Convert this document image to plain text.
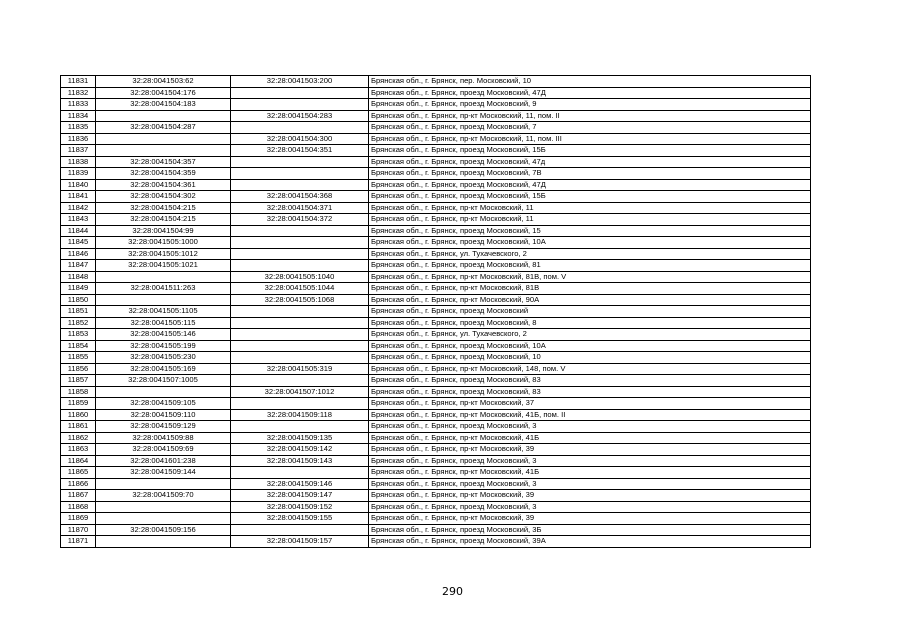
11831	32:28:0041503:62	32:28:0041503:200	Брянская обл., г. Брянск, пер. Московский, 10
11832	32:28:0041504:176		Брянская обл., г. Брянск, проезд Московский, 47Д
11833	32:28:0041504:183		Брянская обл., г. Брянск, проезд Московский, 9
11834		32:28:0041504:283	Брянская обл., г. Брянск, пр-кт Московский, 11, пом. II
11835	32:28:0041504:287		Брянская обл., г. Брянск, проезд Московский, 7
11836		32:28:0041504:300	Брянская обл., г. Брянск, пр-кт Московский, 11, пом. III
11837		32:28:0041504:351	Брянская обл., г. Брянск, проезд Московский, 15Б
11838	32:28:0041504:357		Брянская обл., г. Брянск, проезд Московский, 47д
11839	32:28:0041504:359		Брянская обл., г. Брянск, проезд Московский, 7В
11840	32:28:0041504:361		Брянская обл., г. Брянск, проезд Московский, 47Д
11841	32:28:0041504:302	32:28:0041504:368	Брянская обл., г. Брянск, проезд Московский, 15Б
11842	32:28:0041504:215	32:28:0041504:371	Брянская обл., г. Брянск, пр-кт Московский, 11
11843	32:28:0041504:215	32:28:0041504:372	Брянская обл., г. Брянск, пр-кт Московский, 11
11844	32:28:0041504:99		Брянская обл., г. Брянск, проезд Московский, 15
11845	32:28:0041505:1000		Брянская обл., г. Брянск, проезд Московский, 10А
11846	32:28:0041505:1012		Брянская обл., г. Брянск, ул. Тухачевского, 2
11847	32:28:0041505:1021		Брянская обл., г. Брянск, проезд Московский, 81
11848		32:28:0041505:1040	Брянская обл., г. Брянск, пр-кт Московский, 81В, пом. V
11849	32:28:0041511:263	32:28:0041505:1044	Брянская обл., г. Брянск, пр-кт Московский, 81В
11850		32:28:0041505:1068	Брянская обл., г. Брянск, пр-кт Московский, 90А
11851	32:28:0041505:1105		Брянская обл., г. Брянск, проезд Московский
11852	32:28:0041505:115		Брянская обл., г. Брянск, проезд Московский, 8
11853	32:28:0041505:146		Брянская обл., г. Брянск, ул. Тухачевского, 2
11854	32:28:0041505:199		Брянская обл., г. Брянск, проезд Московский, 10А
11855	32:28:0041505:230		Брянская обл., г. Брянск, проезд Московский, 10
11856	32:28:0041505:169	32:28:0041505:319	Брянская обл., г. Брянск, пр-кт Московский, 148, пом. V
11857	32:28:0041507:1005		Брянская обл., г. Брянск, проезд Московский, 83
11858		32:28:0041507:1012	Брянская обл., г. Брянск, проезд Московский, 83
11859	32:28:0041509:105		Брянская обл., г. Брянск, пр-кт Московский, 37
11860	32:28:0041509:110	32:28:0041509:118	Брянская обл., г. Брянск, пр-кт Московский, 41Б, пом. II
11861	32:28:0041509:129		Брянская обл., г. Брянск, проезд Московский, 3
11862	32:28:0041509:88	32:28:0041509:135	Брянская обл., г. Брянск, пр-кт Московский, 41Б
11863	32:28:0041509:69	32:28:0041509:142	Брянская обл., г. Брянск, пр-кт Московский, 39
11864	32:28:0041601:238	32:28:0041509:143	Брянская обл., г. Брянск, проезд Московский, 3
11865	32:28:0041509:144		Брянская обл., г. Брянск, пр-кт Московский, 41Б
11866		32:28:0041509:146	Брянская обл., г. Брянск, проезд Московский, 3
11867	32:28:0041509:70	32:28:0041509:147	Брянская обл., г. Брянск, пр-кт Московский, 39
11868		32:28:0041509:152	Брянская обл., г. Брянск, проезд Московский, 3
11869		32:28:0041509:155	Брянская обл., г. Брянск, пр-кт Московский, 39
11870	32:28:0041509:156		Брянская обл., г. Брянск, проезд Московский, 3Б
11871		32:28:0041509:157	Брянская обл., г. Брянск, проезд Московский, 39А
290
